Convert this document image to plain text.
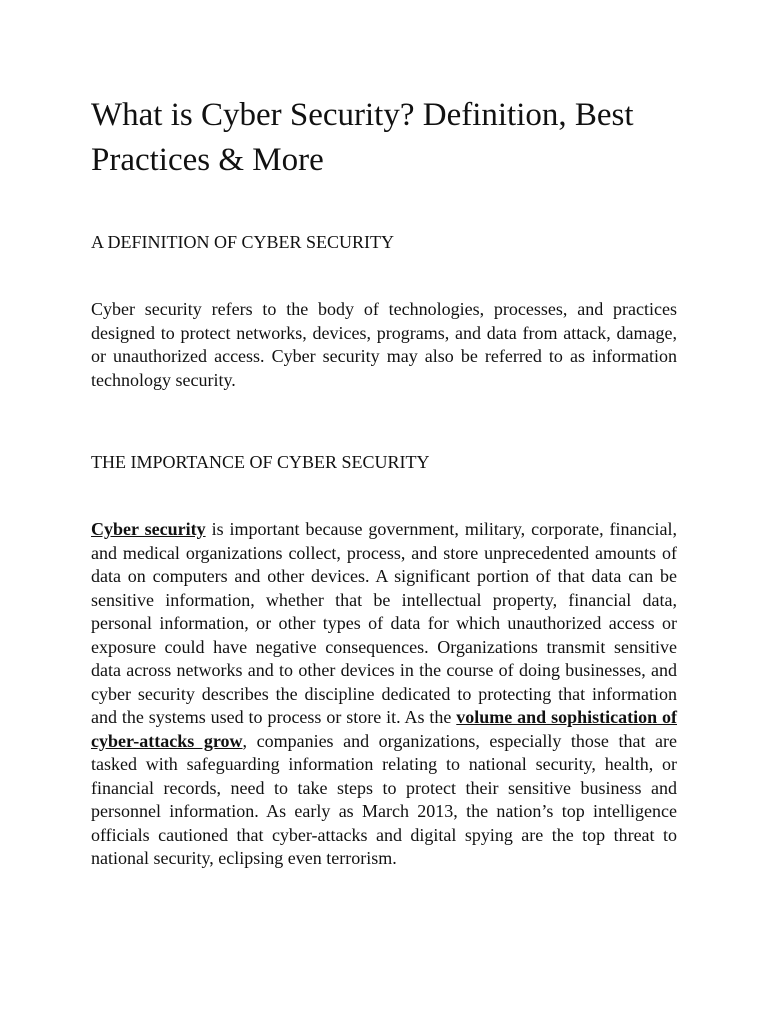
What is Cyber Security? Definition, Best Practices & More
A DEFINITION OF CYBER SECURITY

Cyber security refers to the body of technologies, processes, and practices designed to protect networks, devices, programs, and data from attack, damage, or unauthorized access. Cyber security may also be referred to as information technology security.

THE IMPORTANCE OF CYBER SECURITY

Cyber security is important because government, military, corporate, financial, and medical organizations collect, process, and store unprecedented amounts of data on computers and other devices. A significant portion of that data can be sensitive information, whether that be intellectual property, financial data, personal information, or other types of data for which unauthorized access or exposure could have negative consequences. Organizations transmit sensitive data across networks and to other devices in the course of doing businesses, and cyber security describes the discipline dedicated to protecting that information and the systems used to process or store it. As the volume and sophistication of cyber-attacks grow, companies and organizations, especially those that are tasked with safeguarding information relating to national security, health, or financial records, need to take steps to protect their sensitive business and personnel information. As early as March 2013, the nation’s top intelligence officials cautioned that cyber-attacks and digital spying are the top threat to national security, eclipsing even terrorism.
